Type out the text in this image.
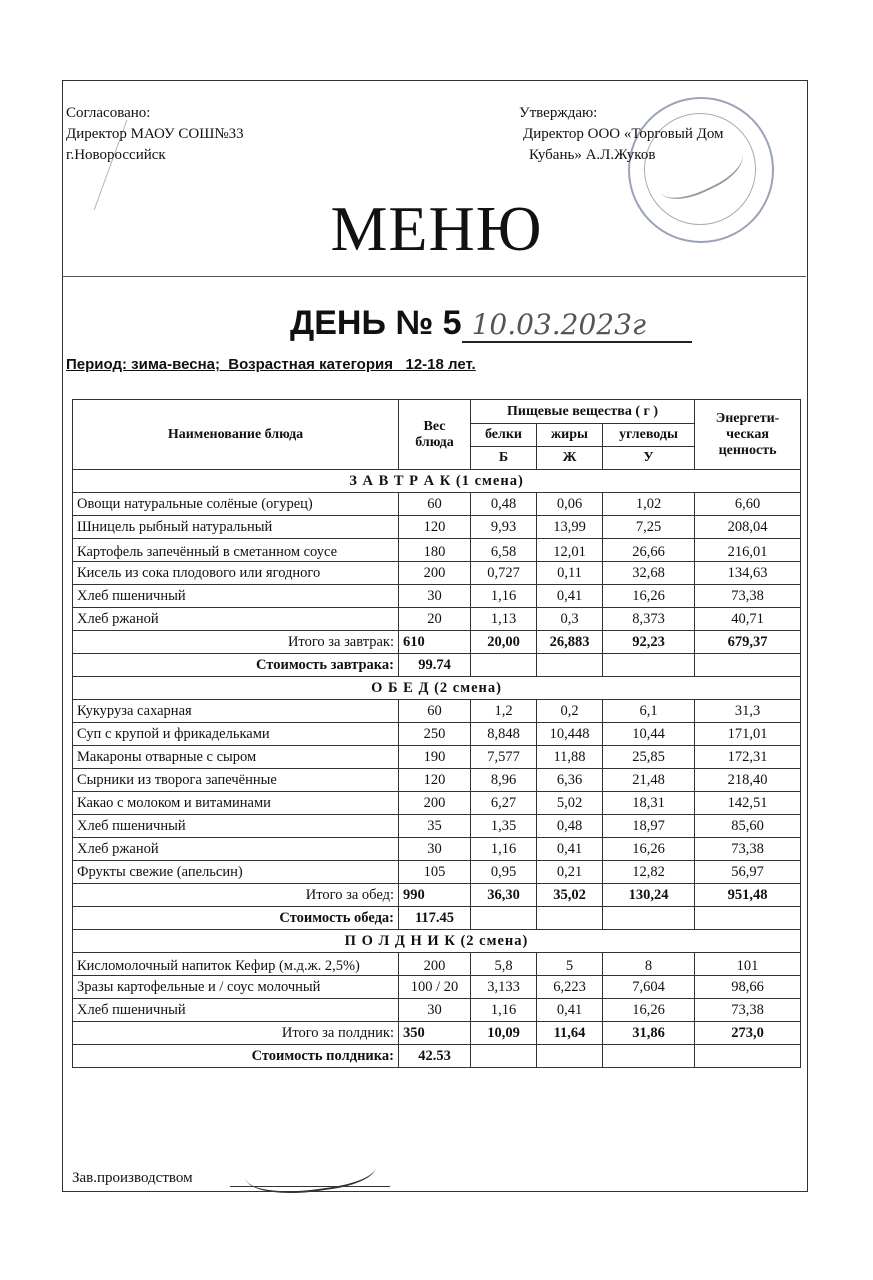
Согласовано:
Директор МАОУ СОШ№33
г.Новороссийск
Утверждаю:
Директор ООО «Торговый Дом
Кубань» А.Л.Жуков
МЕНЮ
ДЕНЬ № 5 10.03.2023г
Период: зима-весна;  Возрастная категория   12-18 лет.
Наименование блюда	Вес блюда	Пищевые вещества ( г )			Энергети-ческая ценность
		белки	жиры	углеводы	
		Б	Ж	У	
З А В Т Р А К (1 смена)					
Овощи натуральные солёные (огурец)	60	0,48	0,06	1,02	6,60
Шницель рыбный натуральный	120	9,93	13,99	7,25	208,04
Картофель запечённый в сметанном соусе	180	6,58	12,01	26,66	216,01
Кисель из сока плодового или ягодного	200	0,727	0,11	32,68	134,63
Хлеб пшеничный	30	1,16	0,41	16,26	73,38
Хлеб ржаной	20	1,13	0,3	8,373	40,71
Итого за завтрак:	610	20,00	26,883	92,23	679,37
Стоимость завтрака:	99.74				
О Б Е Д (2 смена)					
Кукуруза сахарная	60	1,2	0,2	6,1	31,3
Суп с крупой и фрикадельками	250	8,848	10,448	10,44	171,01
Макароны отварные с сыром	190	7,577	11,88	25,85	172,31
Сырники из творога запечённые	120	8,96	6,36	21,48	218,40
Какао с молоком и витаминами	200	6,27	5,02	18,31	142,51
Хлеб пшеничный	35	1,35	0,48	18,97	85,60
Хлеб ржаной	30	1,16	0,41	16,26	73,38
Фрукты свежие (апельсин)	105	0,95	0,21	12,82	56,97
Итого за обед:	990	36,30	35,02	130,24	951,48
Стоимость обеда:	117.45				
П О Л Д Н И К (2 смена)					
Кисломолочный напиток Кефир (м.д.ж. 2,5%)	200	5,8	5	8	101
Зразы картофельные и / соус молочный	100 / 20	3,133	6,223	7,604	98,66
Хлеб пшеничный	30	1,16	0,41	16,26	73,38
Итого за полдник:	350	10,09	11,64	31,86	273,0
Стоимость полдника:	42.53				
Зав.производством
